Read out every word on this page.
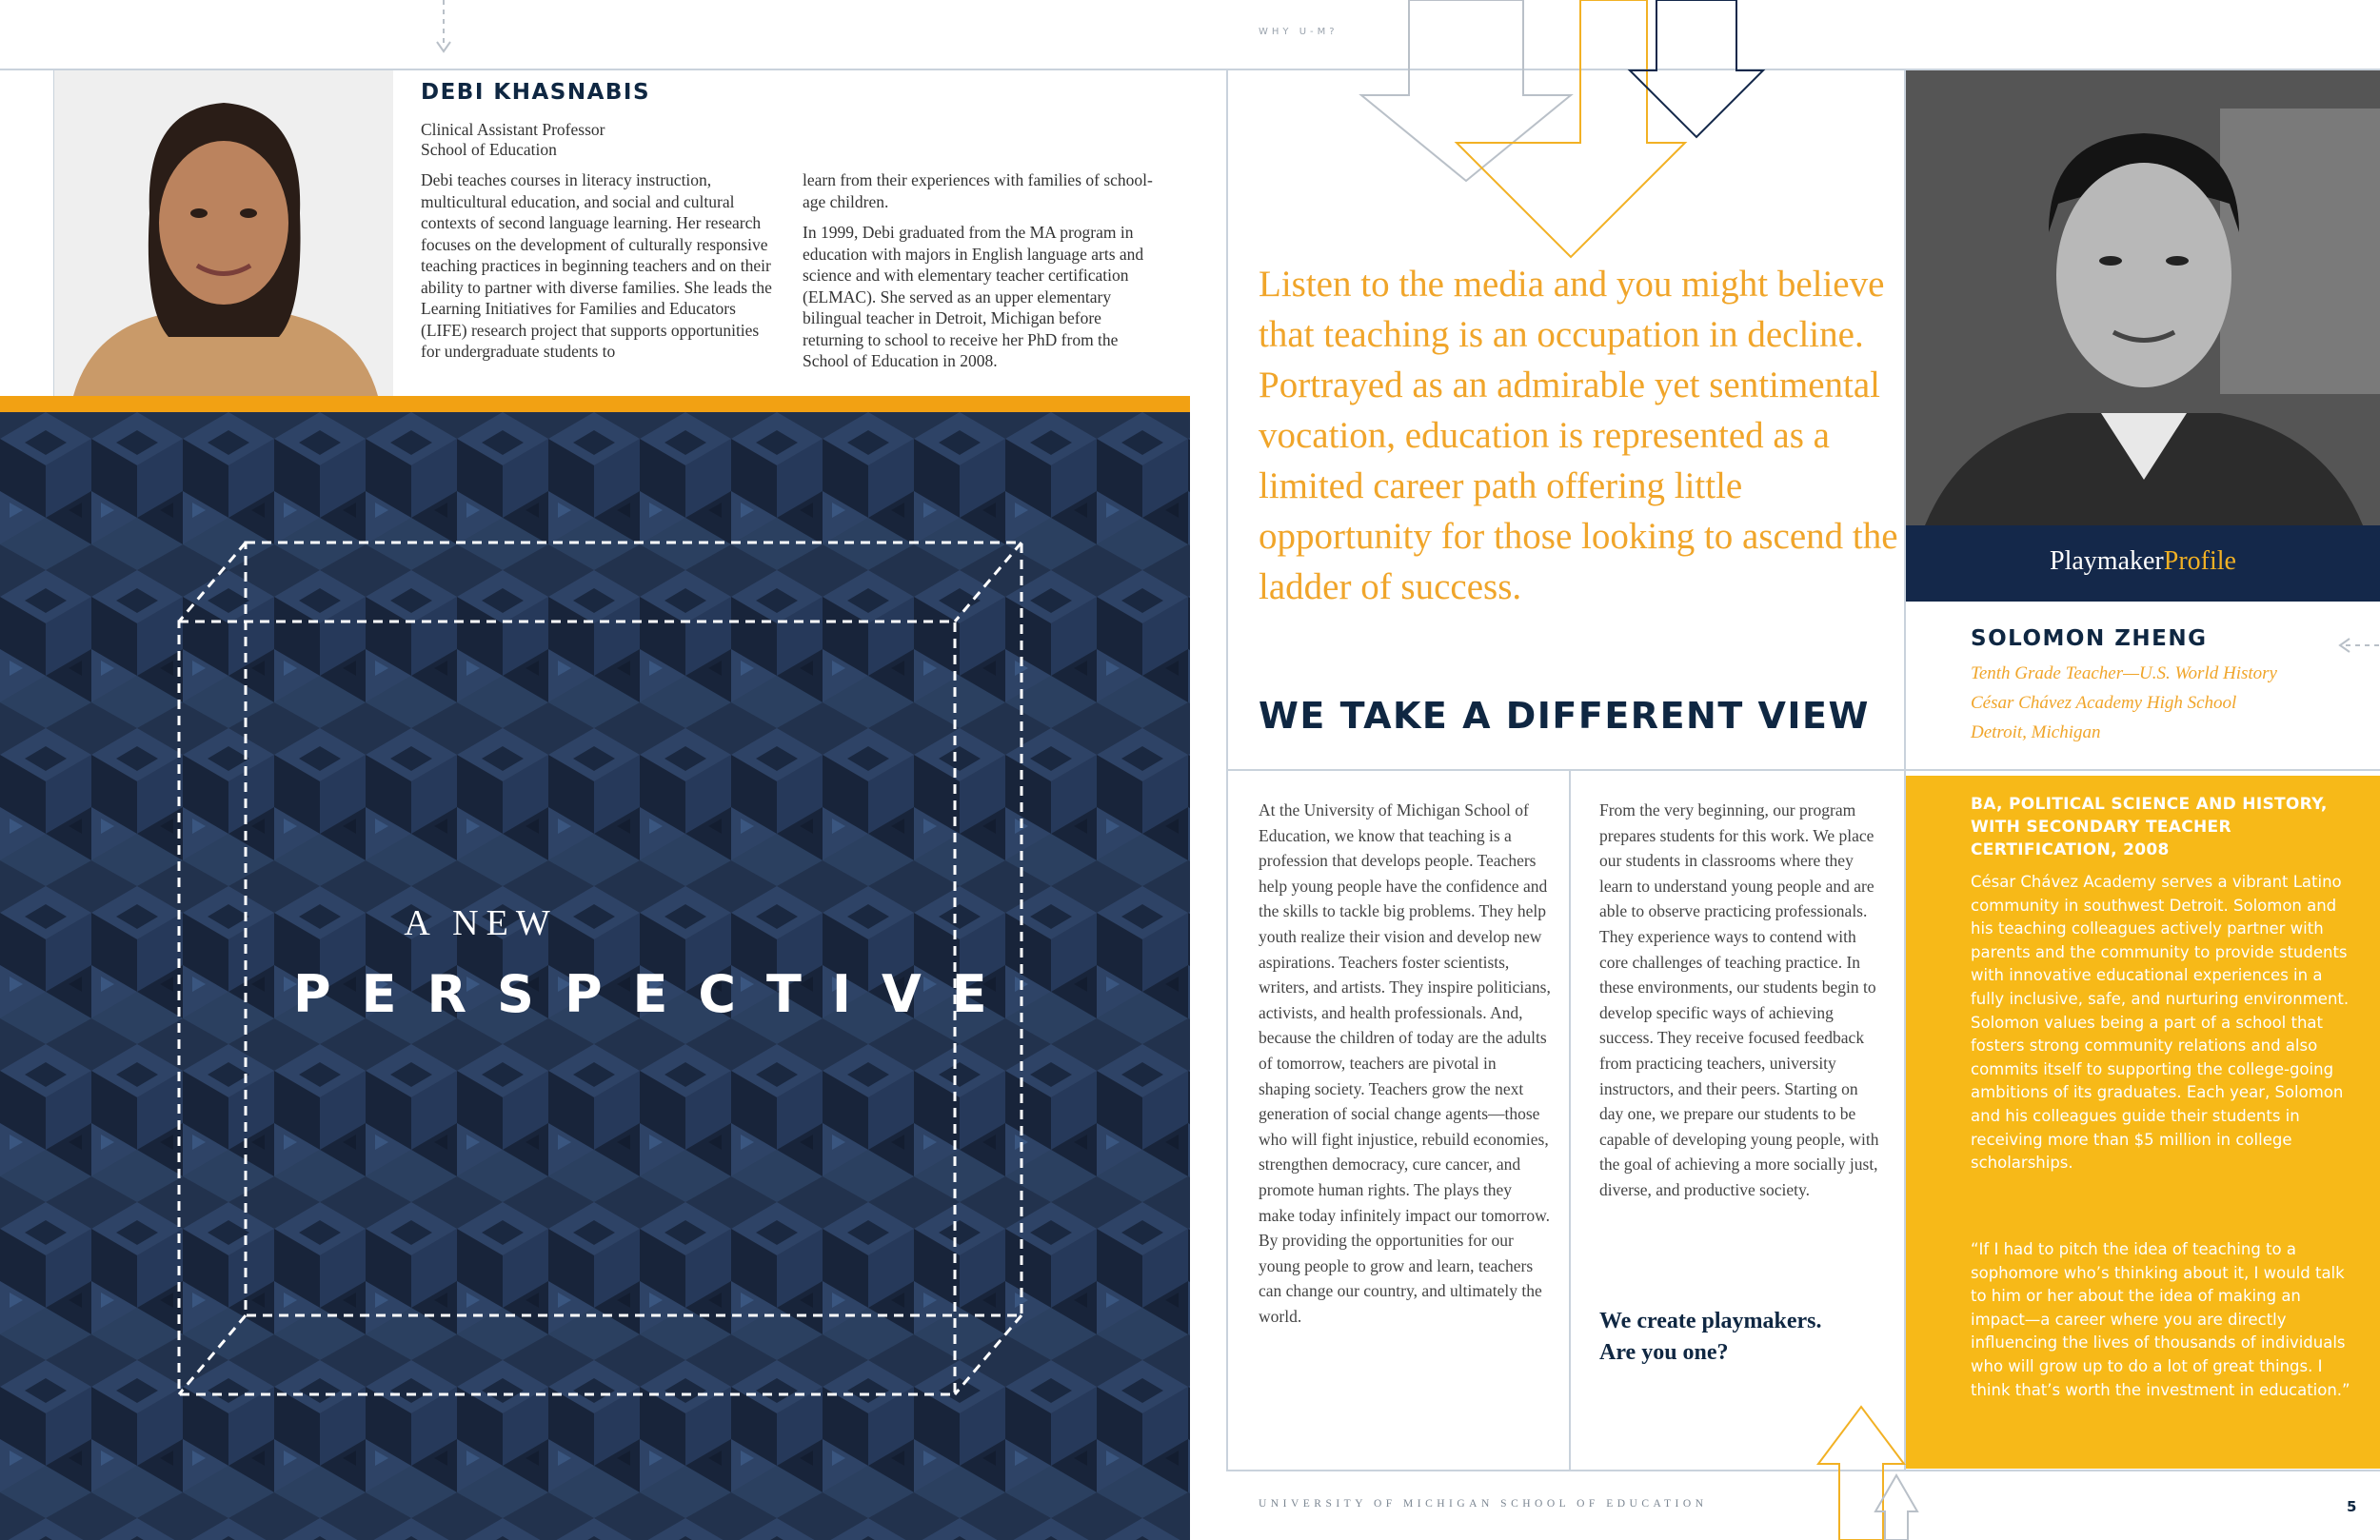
WHY U-M?
DEBI KHASNABIS
Clinical Assistant Professor
School of Education

Debi teaches courses in literacy instruction, multicultural education, and social and cultural contexts of second language learning. Her research focuses on the development of culturally responsive teaching practices in beginning teachers and on their ability to partner with diverse families. She leads the Learning Initiatives for Families and Educators (LIFE) research project that supports opportunities for undergraduate students to

learn from their experiences with families of school-age children.

In 1999, Debi graduated from the MA program in education with majors in English language arts and science and with elementary teacher certification (ELMAC). She served as an upper elementary bilingual teacher in Detroit, Michigan before returning to school to receive her PhD from the School of Education in 2008.

A NEW
PERSPECTIVE
Listen to the media and you might believe that teaching is an occupation in decline. Portrayed as an admirable yet sentimental vocation, education is represented as a limited career path offering little opportunity for those looking to ascend the ladder of success.
WE TAKE A DIFFERENT VIEW
At the University of Michigan School of Education, we know that teaching is a profession that develops people. Teachers help young people have the confidence and the skills to tackle big problems. They help youth realize their vision and develop new aspirations. Teachers foster scientists, writers, and artists. They inspire politicians, activists, and health professionals. And, because the children of today are the adults of tomorrow, teachers are pivotal in shaping society. Teachers grow the next generation of social change agents—those who will fight injustice, rebuild economies, strengthen democracy, cure cancer, and promote human rights. The plays they make today infinitely impact our tomorrow. By providing the opportunities for our young people to grow and learn, teachers can change our country, and ultimately the world.
From the very beginning, our program prepares students for this work. We place our students in classrooms where they learn to understand young people and are able to observe practicing professionals. They experience ways to contend with core challenges of teaching practice. In these environments, our students begin to develop specific ways of achieving success. They receive focused feedback from practicing teachers, university instructors, and their peers. Starting on day one, we prepare our students to be capable of developing young people, with the goal of achieving a more socially just, diverse, and productive society.
We create playmakers.
Are you one?
PlaymakerProfile
SOLOMON ZHENG
Tenth Grade Teacher—U.S. World History
César Chávez Academy High School
Detroit, Michigan
BA, POLITICAL SCIENCE AND HISTORY, WITH SECONDARY TEACHER CERTIFICATION, 2008
César Chávez Academy serves a vibrant Latino community in southwest Detroit. Solomon and his teaching colleagues actively partner with parents and the community to provide students with innovative educational experiences in a fully inclusive, safe, and nurturing environment. Solomon values being a part of a school that fosters strong community relations and also commits itself to supporting the college-going ambitions of its graduates. Each year, Solomon and his colleagues guide their students in receiving more than $5 million in college scholarships.
“If I had to pitch the idea of teaching to a sophomore who’s thinking about it, I would talk to him or her about the idea of making an impact—a career where you are directly influencing the lives of thousands of individuals who will grow up to do a lot of great things. I think that’s worth the investment in education.”
UNIVERSITY OF MICHIGAN SCHOOL OF EDUCATION	5
